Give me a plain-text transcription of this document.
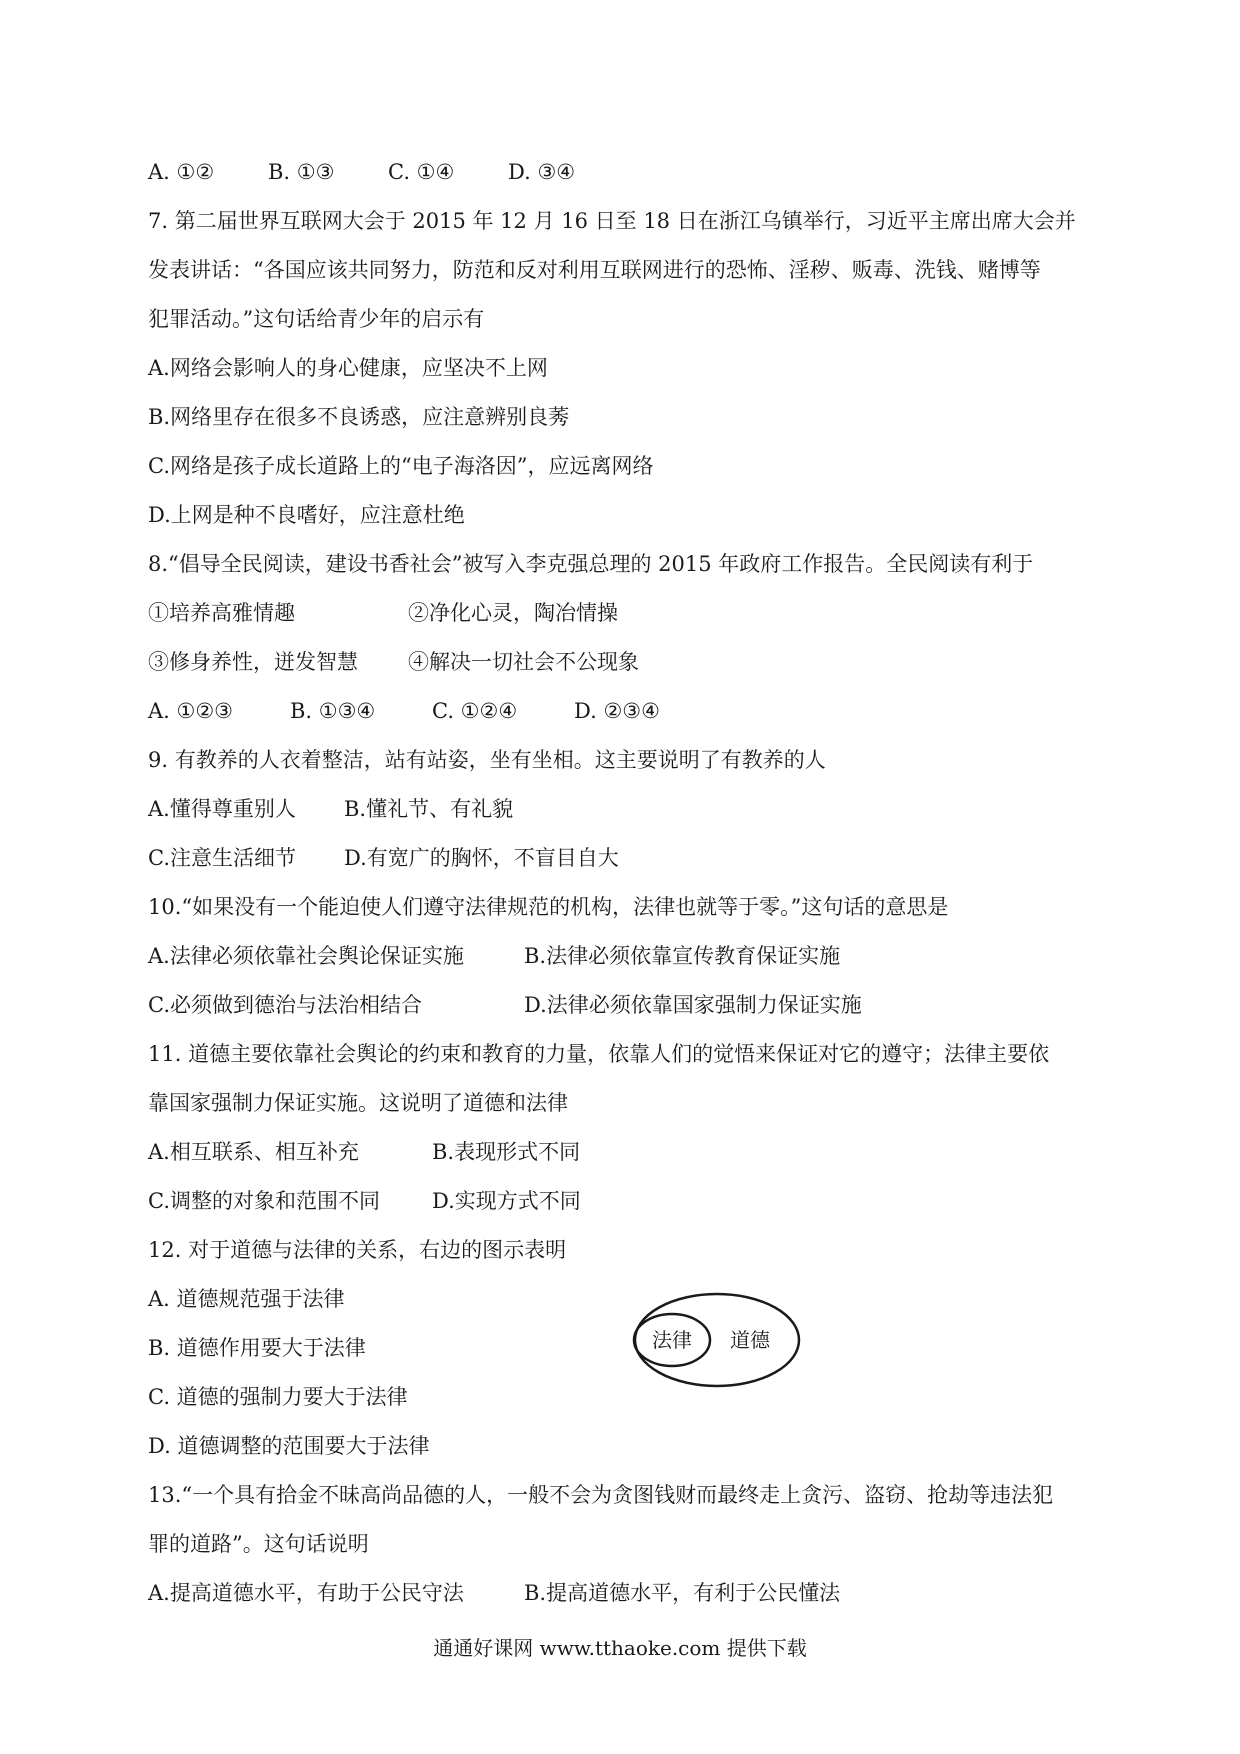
A. ①②	B. ①③	C. ①④	D. ③④
7. 第二届世界互联网大会于 2015 年 12 月 16 日至 18 日在浙江乌镇举行，习近平主席出席大会并
发表讲话：“各国应该共同努力，防范和反对利用互联网进行的恐怖、淫秽、贩毒、洗钱、赌博等
犯罪活动。”这句话给青少年的启示有
A.网络会影响人的身心健康，应坚决不上网
B.网络里存在很多不良诱惑，应注意辨别良莠
C.网络是孩子成长道路上的“电子海洛因”，应远离网络
D.上网是种不良嗜好，应注意杜绝
8.“倡导全民阅读，建设书香社会”被写入李克强总理的 2015 年政府工作报告。全民阅读有利于
①培养高雅情趣	②净化心灵，陶冶情操
③修身养性，迸发智慧 ④解决一切社会不公现象
A. ①②③	B. ①③④	C. ①②④	D. ②③④
9. 有教养的人衣着整洁，站有站姿，坐有坐相。这主要说明了有教养的人
A.懂得尊重别人 B.懂礼节、有礼貌
C.注意生活细节 D.有宽广的胸怀，不盲目自大
10.“如果没有一个能迫使人们遵守法律规范的机构，法律也就等于零。”这句话的意思是
A.法律必须依靠社会舆论保证实施	B.法律必须依靠宣传教育保证实施
C.必须做到德治与法治相结合	D.法律必须依靠国家强制力保证实施
11. 道德主要依靠社会舆论的约束和教育的力量，依靠人们的觉悟来保证对它的遵守；法律主要依
靠国家强制力保证实施。这说明了道德和法律
A.相互联系、相互补充	B.表现形式不同
C.调整的对象和范围不同 D.实现方式不同
12. 对于道德与法律的关系，右边的图示表明
A. 道德规范强于法律
B. 道德作用要大于法律
C. 道德的强制力要大于法律
D. 道德调整的范围要大于法律
法律 道德
13.“一个具有拾金不昧高尚品德的人，一般不会为贪图钱财而最终走上贪污、盗窃、抢劫等违法犯
罪的道路”。这句话说明
A.提高道德水平，有助于公民守法	B.提高道德水平，有利于公民懂法
通通好课网 www.tthaoke.com 提供下载
